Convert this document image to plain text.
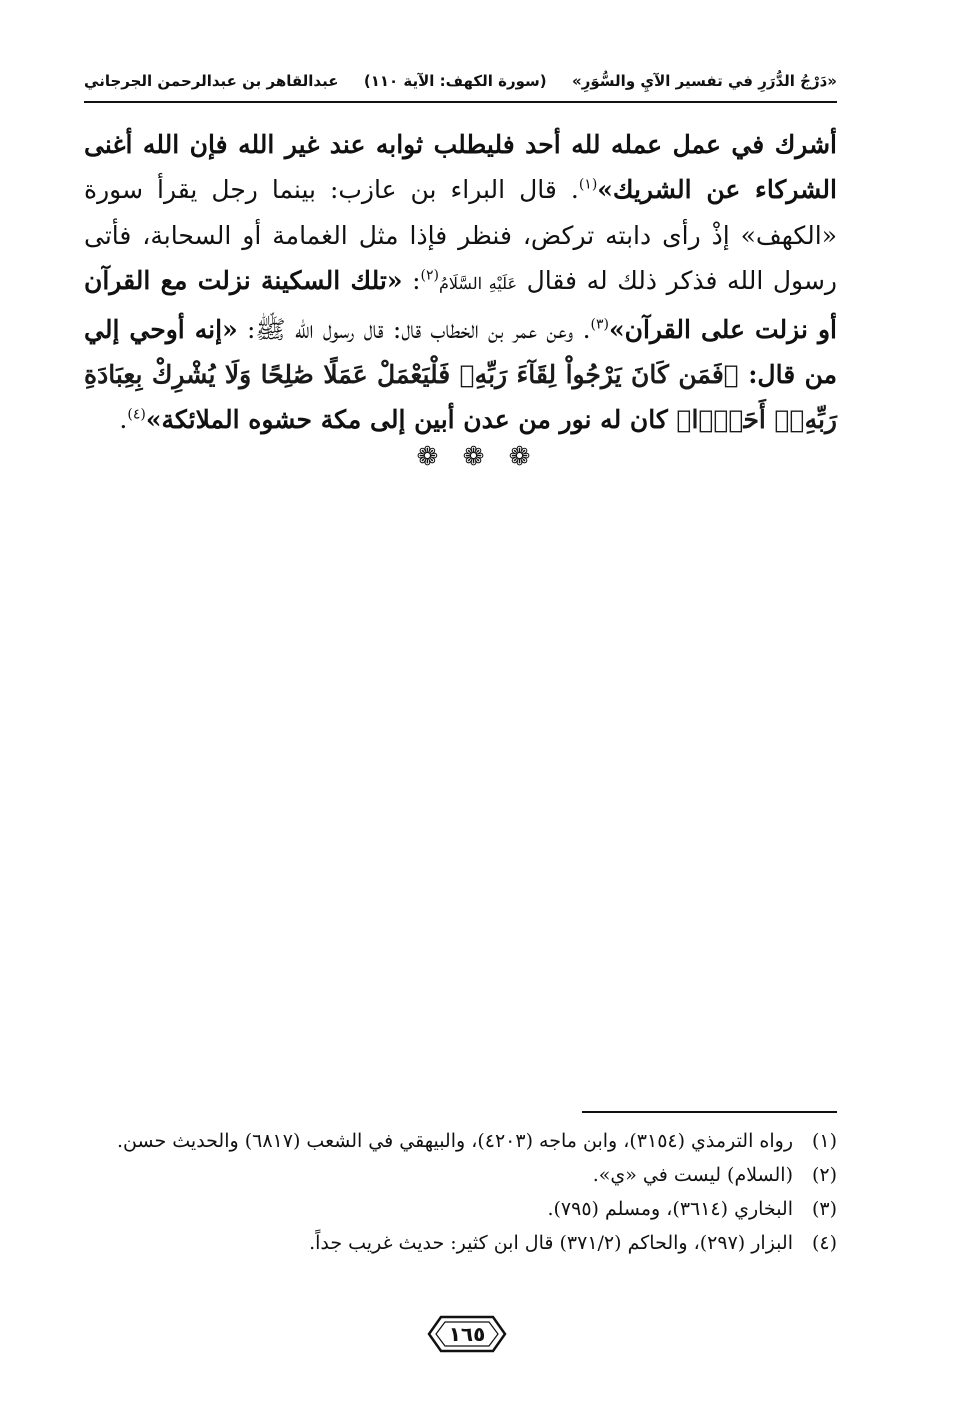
«دَرْجُ الدُّرَرِ في تفسير الآيِ والسُّوَرِ»
(سورة الكهف: الآية ١١٠)
عبدالقاهر بن عبدالرحمن الجرجاني

أشرك في عمل عمله لله أحد فليطلب ثوابه عند غير الله فإن الله أغنى الشركاء عن الشريك»$^{(١)}$. قال البراء بن عازب: بينما رجل يقرأ سورة «الكهف» إذْ رأى دابته تركض، فنظر فإذا مثل الغمامة أو السحابة، فأتى رسول الله فذكر ذلك له فقال عَلَيْهِ السَّلَامُ$^{(٢)}$: «تلك السكينة نزلت مع القرآن أو نزلت على القرآن»$^{(٣)}$. وعن عمر بن الخطاب قال: قال رسول الله ﷺ: «إنه أوحي إلي من قال: ﴿فَمَن كَانَ يَرْجُواْ لِقَآءَ رَبِّهِۦ فَلْيَعْمَلْ عَمَلًا صَٰلِحًا وَلَا يُشْرِكْ بِعِبَادَةِ رَبِّهِۦٓ أَحَدًۢا﴾ كان له نور من عدن أبين إلى مكة حشوه الملائكة»$^{(٤)}$.

❁ ❁ ❁
(١)
رواه الترمذي (٣١٥٤)، وابن ماجه (٤٢٠٣)، والبيهقي في الشعب (٦٨١٧) والحديث حسن.
(٢)
(السلام) ليست في «ي».
(٣)
البخاري (٣٦١٤)، ومسلم (٧٩٥).
(٤)
البزار (٢٩٧)، والحاكم (٣٧١/٢) قال ابن كثير: حديث غريب جداً.
١٦٥
